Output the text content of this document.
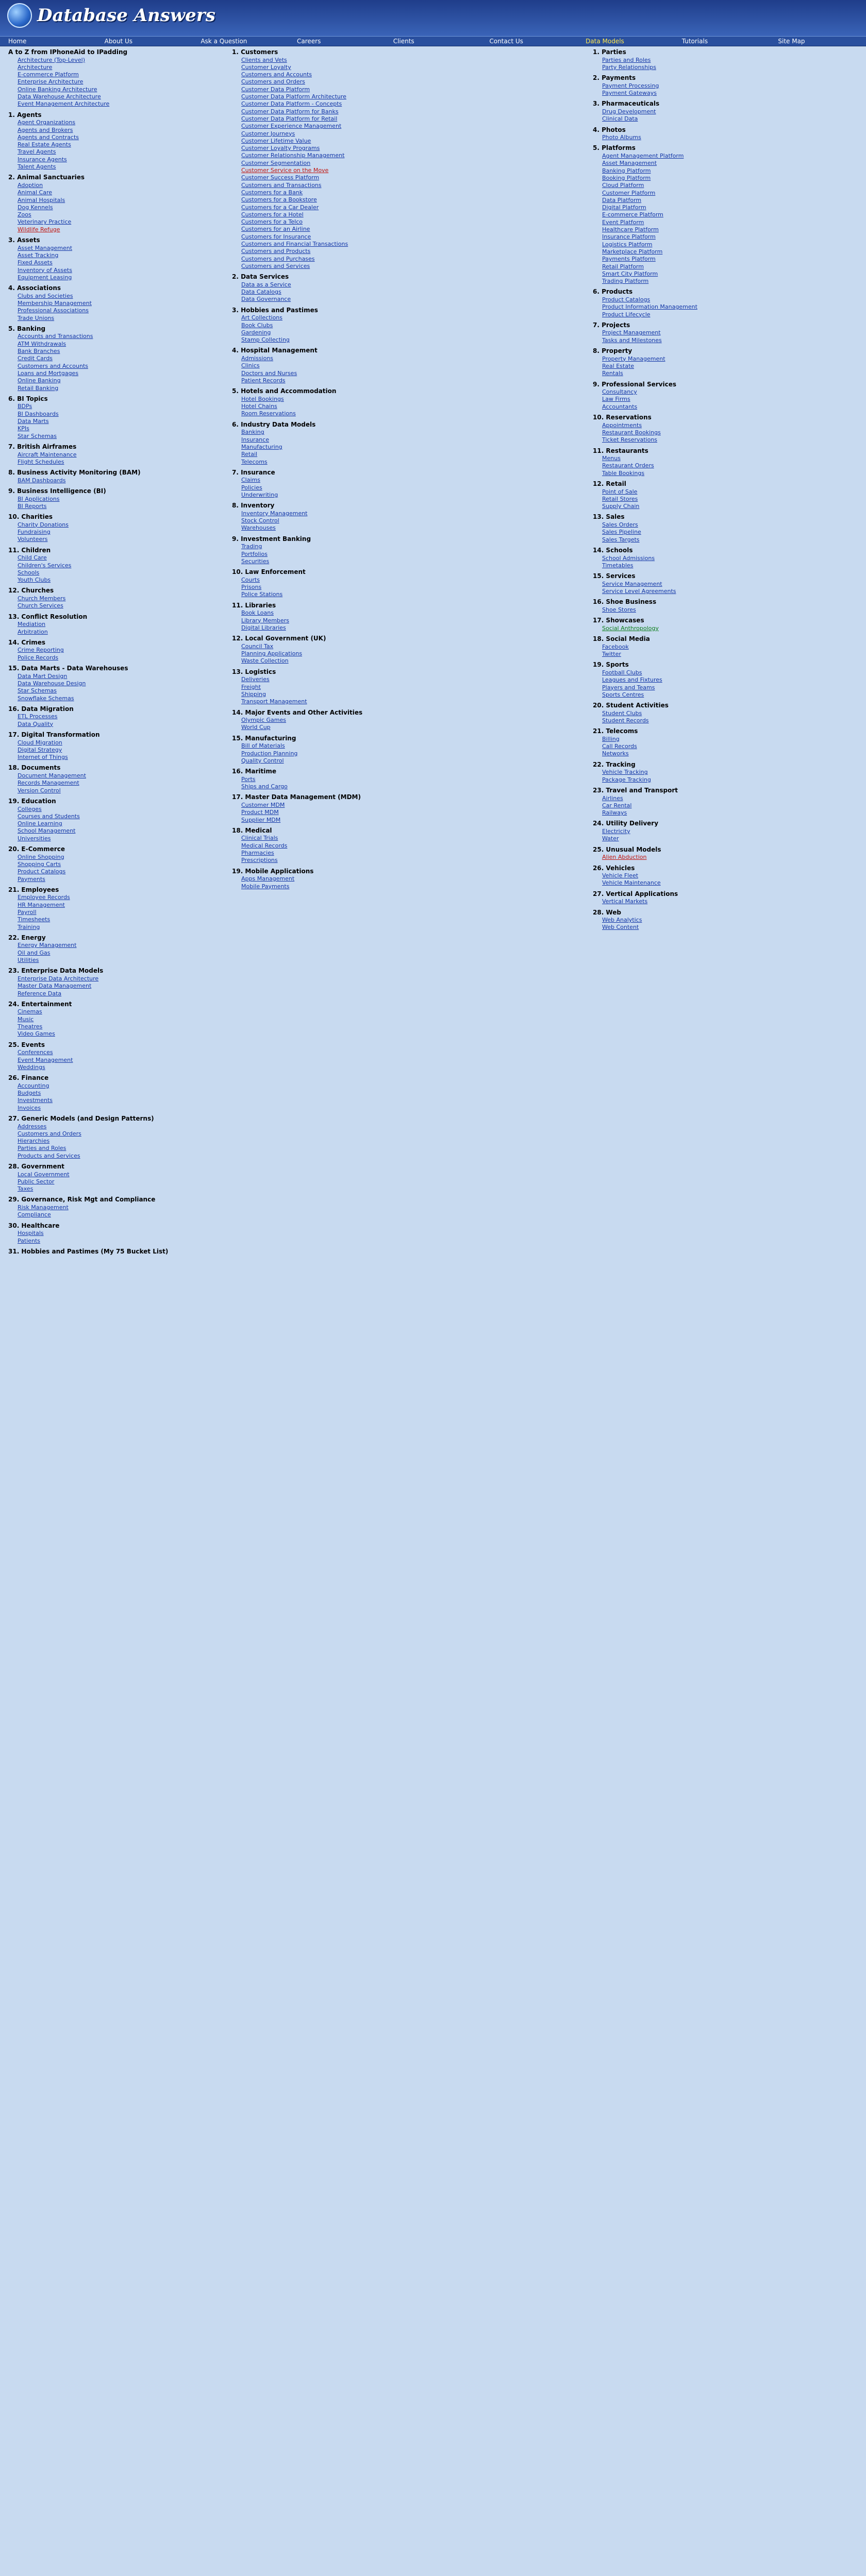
Database Answers
Home	About Us	Ask a Question	Careers	Clients	Contact Us	Data Models	Tutorials	Site Map
A to Z from IPhoneAid to IPadding
Architecture (Top-Level)
Architecture
E-commerce Platform
Enterprise Architecture
Online Banking Architecture
Data Warehouse Architecture
Event Management Architecture
1. Agents
Agent Organizations
Agents and Brokers
Agents and Contracts
Real Estate Agents
Travel Agents
Insurance Agents
Talent Agents
2. Animal Sanctuaries
Adoption
Animal Care
Animal Hospitals
Dog Kennels
Zoos
Veterinary Practice
Wildlife Refuge
3. Assets
Asset Management
Asset Tracking
Fixed Assets
Inventory of Assets
Equipment Leasing
4. Associations
Clubs and Societies
Membership Management
Professional Associations
Trade Unions
5. Banking
Accounts and Transactions
ATM Withdrawals
Bank Branches
Credit Cards
Customers and Accounts
Loans and Mortgages
Online Banking
Retail Banking
6. BI Topics
BDPs
BI Dashboards
Data Marts
KPIs
Star Schemas
7. British Airframes
Aircraft Maintenance
Flight Schedules
8. Business Activity Monitoring (BAM)
BAM Dashboards
9. Business Intelligence (BI)
BI Applications
BI Reports
10. Charities
Charity Donations
Fundraising
Volunteers
11. Children
Child Care
Children's Services
Schools
Youth Clubs
12. Churches
Church Members
Church Services
13. Conflict Resolution
Mediation
Arbitration
14. Crimes
Crime Reporting
Police Records
15. Data Marts - Data Warehouses
Data Mart Design
Data Warehouse Design
Star Schemas
Snowflake Schemas
16. Data Migration
ETL Processes
Data Quality
17. Digital Transformation
Cloud Migration
Digital Strategy
Internet of Things
18. Documents
Document Management
Records Management
Version Control
19. Education
Colleges
Courses and Students
Online Learning
School Management
Universities
20. E-Commerce
Online Shopping
Shopping Carts
Product Catalogs
Payments
21. Employees
Employee Records
HR Management
Payroll
Timesheets
Training
22. Energy
Energy Management
Oil and Gas
Utilities
23. Enterprise Data Models
Enterprise Data Architecture
Master Data Management
Reference Data
24. Entertainment
Cinemas
Music
Theatres
Video Games
25. Events
Conferences
Event Management
Weddings
26. Finance
Accounting
Budgets
Investments
Invoices
27. Generic Models (and Design Patterns)
Addresses
Customers and Orders
Hierarchies
Parties and Roles
Products and Services
28. Government
Local Government
Public Sector
Taxes
29. Governance, Risk Mgt and Compliance
Risk Management
Compliance
30. Healthcare
Hospitals
Patients
31. Hobbies and Pastimes (My 75 Bucket List)
1. Customers
Clients and Vets
Customer Loyalty
Customers and Accounts
Customers and Orders
Customer Data Platform
Customer Data Platform Architecture
Customer Data Platform - Concepts
Customer Data Platform for Banks
Customer Data Platform for Retail
Customer Experience Management
Customer Journeys
Customer Lifetime Value
Customer Loyalty Programs
Customer Relationship Management
Customer Segmentation
Customer Service on the Move
Customer Success Platform
Customers and Transactions
Customers for a Bank
Customers for a Bookstore
Customers for a Car Dealer
Customers for a Hotel
Customers for a Telco
Customers for an Airline
Customers for Insurance
Customers and Financial Transactions
Customers and Products
Customers and Purchases
Customers and Services
2. Data Services
Data as a Service
Data Catalogs
Data Governance
3. Hobbies and Pastimes
Art Collections
Book Clubs
Gardening
Stamp Collecting
4. Hospital Management
Admissions
Clinics
Doctors and Nurses
Patient Records
5. Hotels and Accommodation
Hotel Bookings
Hotel Chains
Room Reservations
6. Industry Data Models
Banking
Insurance
Manufacturing
Retail
Telecoms
7. Insurance
Claims
Policies
Underwriting
8. Inventory
Inventory Management
Stock Control
Warehouses
9. Investment Banking
Trading
Portfolios
Securities
10. Law Enforcement
Courts
Prisons
Police Stations
11. Libraries
Book Loans
Library Members
Digital Libraries
12. Local Government (UK)
Council Tax
Planning Applications
Waste Collection
13. Logistics
Deliveries
Freight
Shipping
Transport Management
14. Major Events and Other Activities
Olympic Games
World Cup
15. Manufacturing
Bill of Materials
Production Planning
Quality Control
16. Maritime
Ports
Ships and Cargo
17. Master Data Management (MDM)
Customer MDM
Product MDM
Supplier MDM
18. Medical
Clinical Trials
Medical Records
Pharmacies
Prescriptions
19. Mobile Applications
Apps Management
Mobile Payments
1. Parties
Parties and Roles
Party Relationships
2. Payments
Payment Processing
Payment Gateways
3. Pharmaceuticals
Drug Development
Clinical Data
4. Photos
Photo Albums
5. Platforms
Agent Management Platform
Asset Management
Banking Platform
Booking Platform
Cloud Platform
Customer Platform
Data Platform
Digital Platform
E-commerce Platform
Event Platform
Healthcare Platform
Insurance Platform
Logistics Platform
Marketplace Platform
Payments Platform
Retail Platform
Smart City Platform
Trading Platform
6. Products
Product Catalogs
Product Information Management
Product Lifecycle
7. Projects
Project Management
Tasks and Milestones
8. Property
Property Management
Real Estate
Rentals
9. Professional Services
Consultancy
Law Firms
Accountants
10. Reservations
Appointments
Restaurant Bookings
Ticket Reservations
11. Restaurants
Menus
Restaurant Orders
Table Bookings
12. Retail
Point of Sale
Retail Stores
Supply Chain
13. Sales
Sales Orders
Sales Pipeline
Sales Targets
14. Schools
School Admissions
Timetables
15. Services
Service Management
Service Level Agreements
16. Shoe Business
Shoe Stores
17. Showcases
Social Anthropology
18. Social Media
Facebook
Twitter
19. Sports
Football Clubs
Leagues and Fixtures
Players and Teams
Sports Centres
20. Student Activities
Student Clubs
Student Records
21. Telecoms
Billing
Call Records
Networks
22. Tracking
Vehicle Tracking
Package Tracking
23. Travel and Transport
Airlines
Car Rental
Railways
24. Utility Delivery
Electricity
Water
25. Unusual Models
Alien Abduction
26. Vehicles
Vehicle Fleet
Vehicle Maintenance
27. Vertical Applications
Vertical Markets
28. Web
Web Analytics
Web Content
